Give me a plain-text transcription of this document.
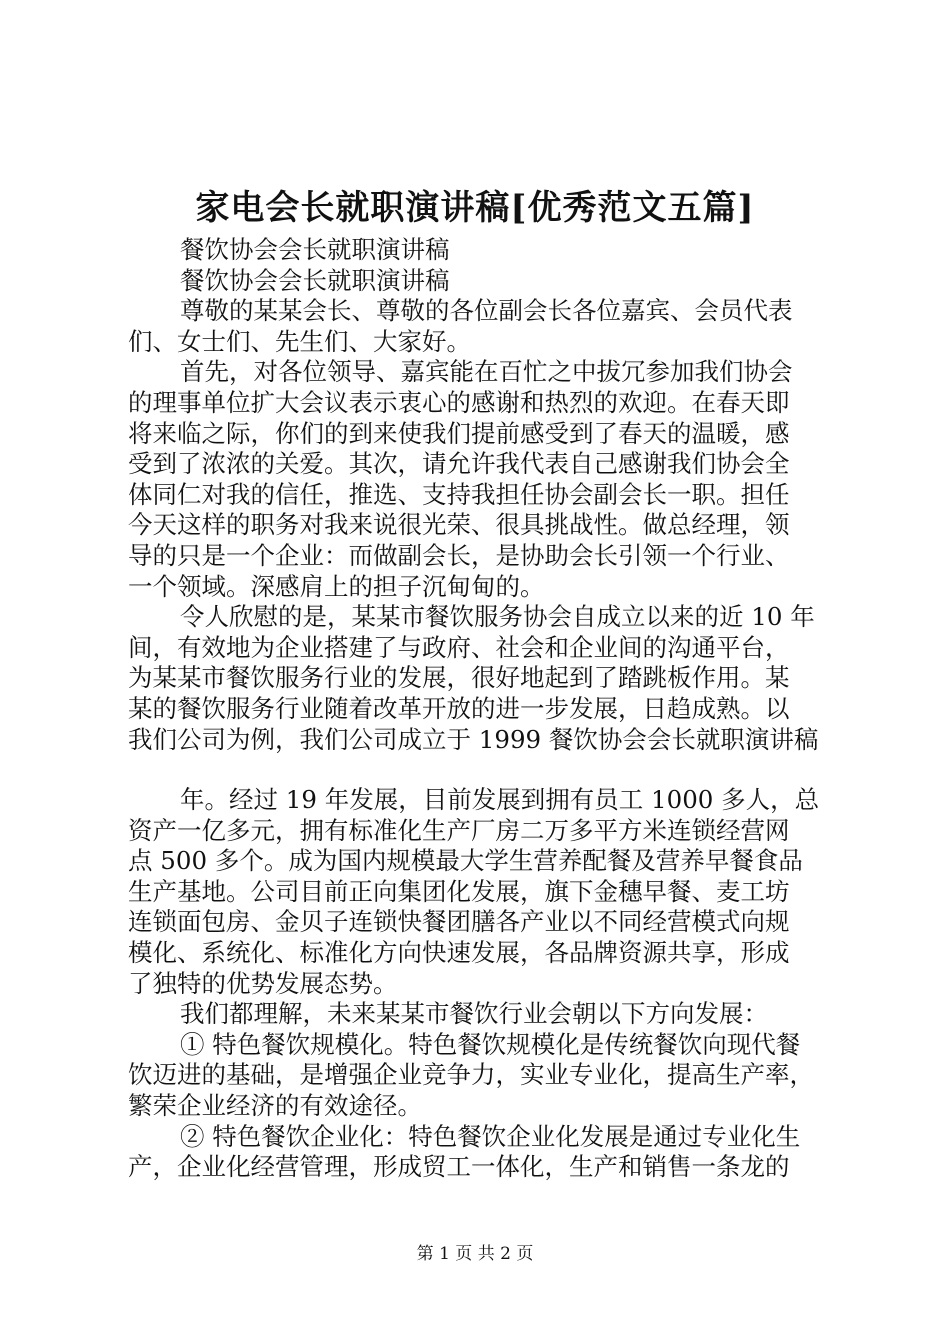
家电会长就职演讲稿[优秀范文五篇]
餐饮协会会长就职演讲稿
餐饮协会会长就职演讲稿
尊敬的某某会长、尊敬的各位副会长各位嘉宾、会员代表
们、女士们、先生们、大家好。
首先，对各位领导、嘉宾能在百忙之中拔冗参加我们协会
的理事单位扩大会议表示衷心的感谢和热烈的欢迎。在春天即
将来临之际，你们的到来使我们提前感受到了春天的温暖，感
受到了浓浓的关爱。其次，请允许我代表自己感谢我们协会全
体同仁对我的信任，推选、支持我担任协会副会长一职。担任
今天这样的职务对我来说很光荣、很具挑战性。做总经理，领
导的只是一个企业：而做副会长，是协助会长引领一个行业、
一个领域。深感肩上的担子沉甸甸的。
令人欣慰的是，某某市餐饮服务协会自成立以来的近 10 年
间，有效地为企业搭建了与政府、社会和企业间的沟通平台，
为某某市餐饮服务行业的发展，很好地起到了踏跳板作用。某
某的餐饮服务行业随着改革开放的进一步发展，日趋成熟。以
我们公司为例，我们公司成立于 1999 餐饮协会会长就职演讲稿
年。经过 19 年发展，目前发展到拥有员工 1000 多人，总
资产一亿多元，拥有标准化生产厂房二万多平方米连锁经营网
点 500 多个。成为国内规模最大学生营养配餐及营养早餐食品
生产基地。公司目前正向集团化发展，旗下金穗早餐、麦工坊
连锁面包房、金贝子连锁快餐团膳各产业以不同经营模式向规
模化、系统化、标准化方向快速发展，各品牌资源共享，形成
了独特的优势发展态势。
我们都理解，未来某某市餐饮行业会朝以下方向发展：
① 特色餐饮规模化。特色餐饮规模化是传统餐饮向现代餐
饮迈进的基础，是增强企业竞争力，实业专业化，提高生产率，
繁荣企业经济的有效途径。
② 特色餐饮企业化：特色餐饮企业化发展是通过专业化生
产，企业化经营管理，形成贸工一体化，生产和销售一条龙的
第 1 页 共 2 页
